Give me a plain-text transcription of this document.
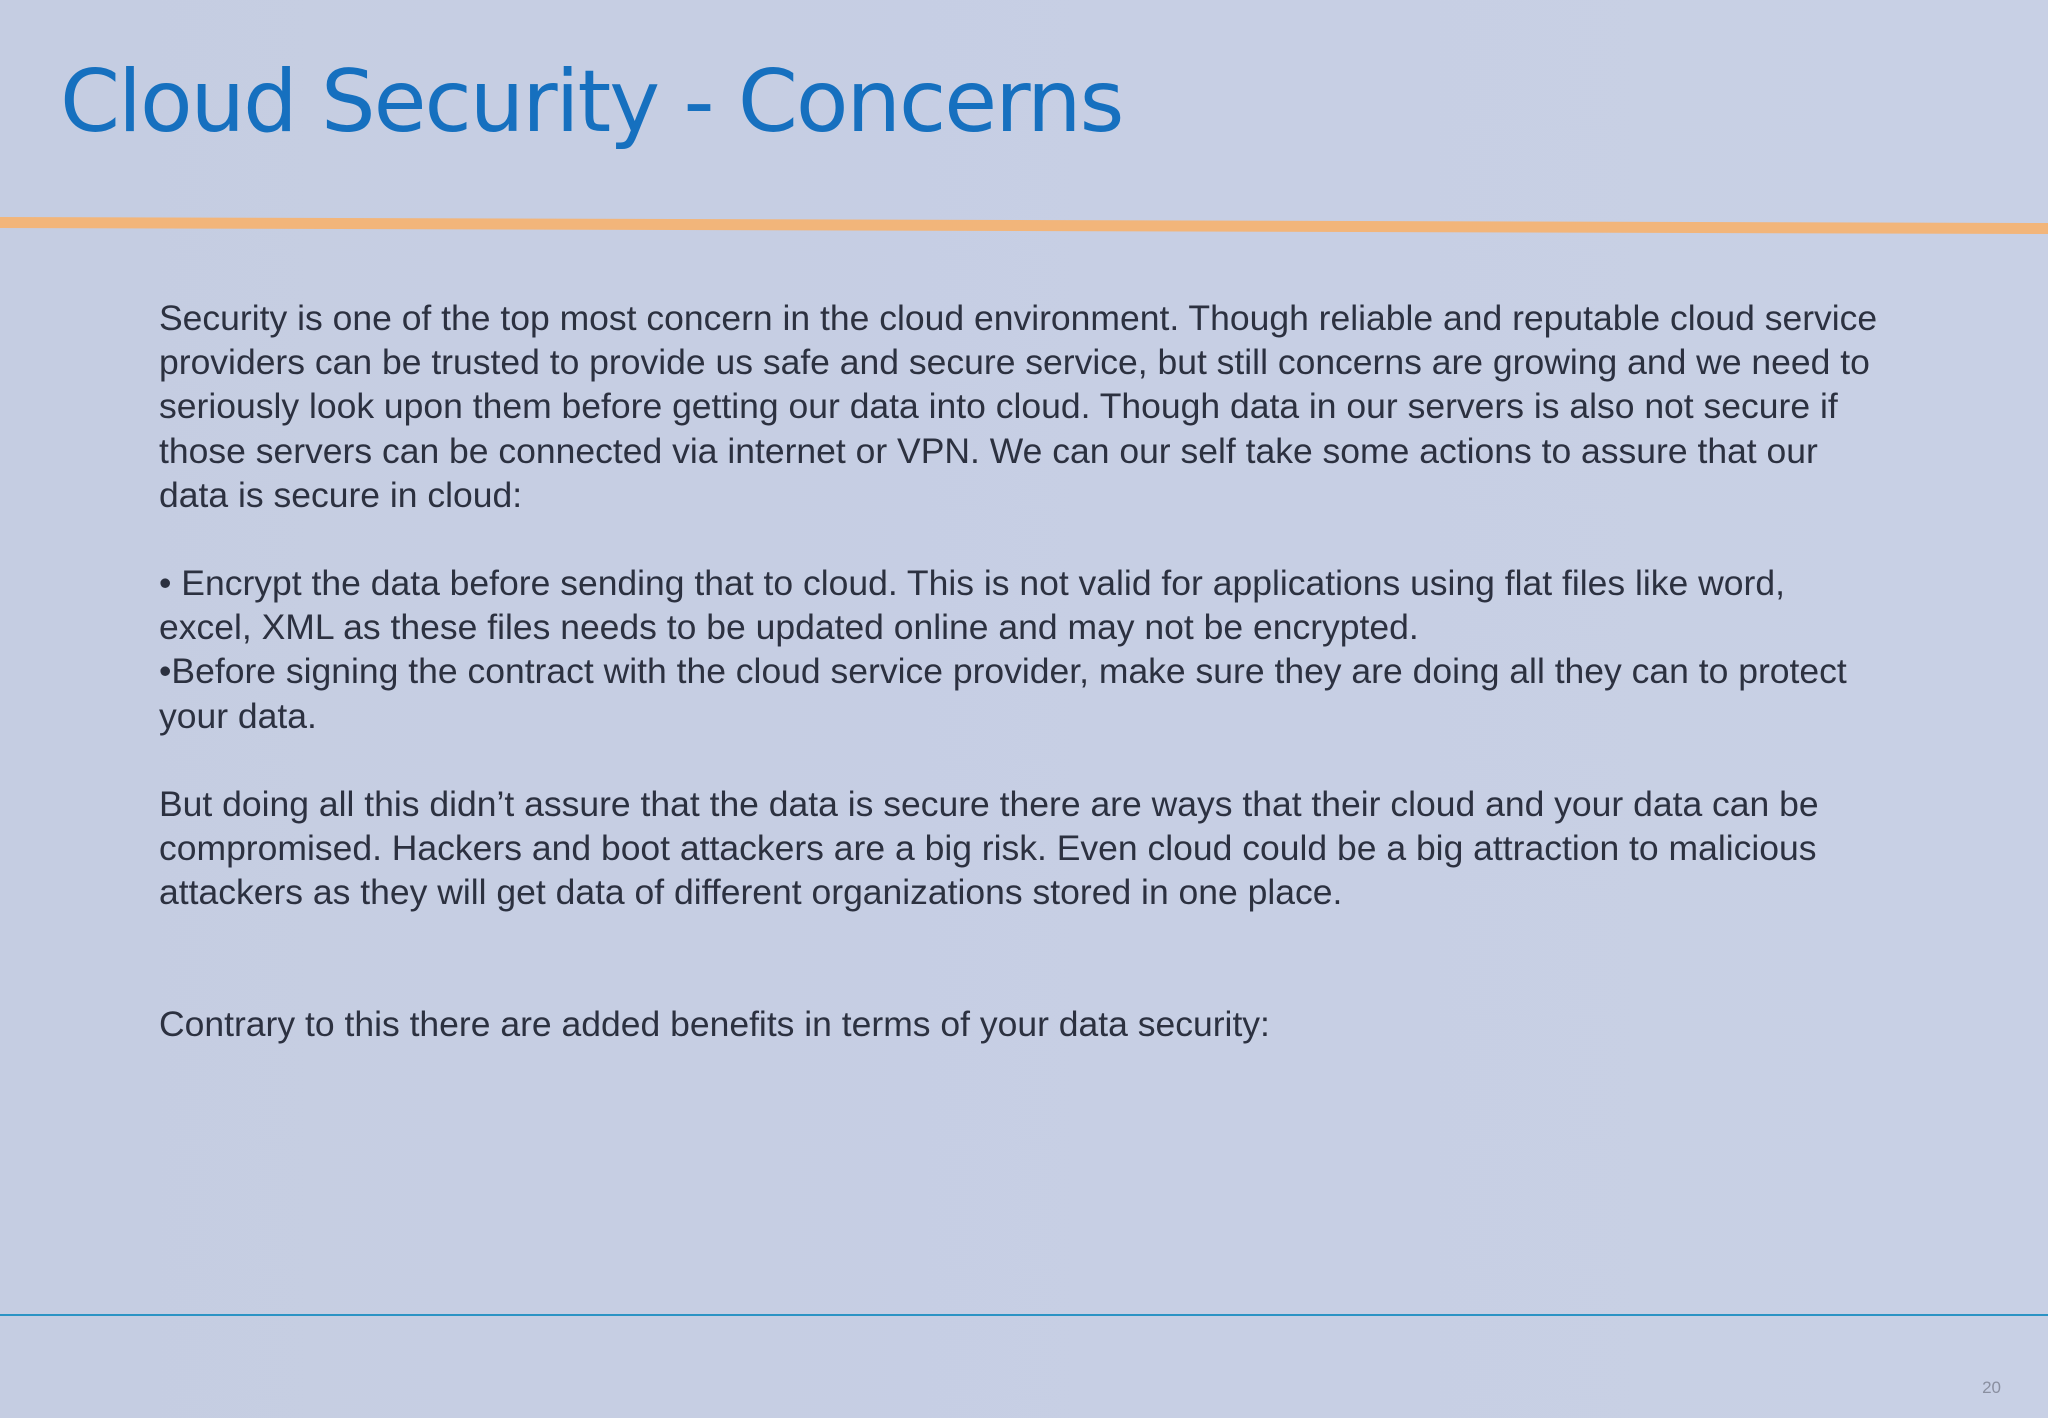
Cloud Security - Concerns

Security is one of the top most concern in the cloud environment. Though reliable and reputable cloud service providers can be trusted to provide us safe and secure service, but still concerns are growing and we need to seriously look upon them before getting our data into cloud. Though data in our servers is also not secure if those servers can be connected via internet or VPN. We can our self take some actions to assure that our data is secure in cloud:

• Encrypt the data before sending that to cloud. This is not valid for applications using flat files like word, excel, XML as these files needs to be updated online and may not be encrypted.

•Before signing the contract with the cloud service provider, make sure they are doing all they can to protect your data.

But doing all this didn’t assure that the data is secure there are ways that their cloud and your data can be compromised. Hackers and boot attackers are a big risk. Even cloud could be a big attraction to malicious attackers as they will get data of different organizations stored in one place.

Contrary to this there are added benefits in terms of your data security:

20
